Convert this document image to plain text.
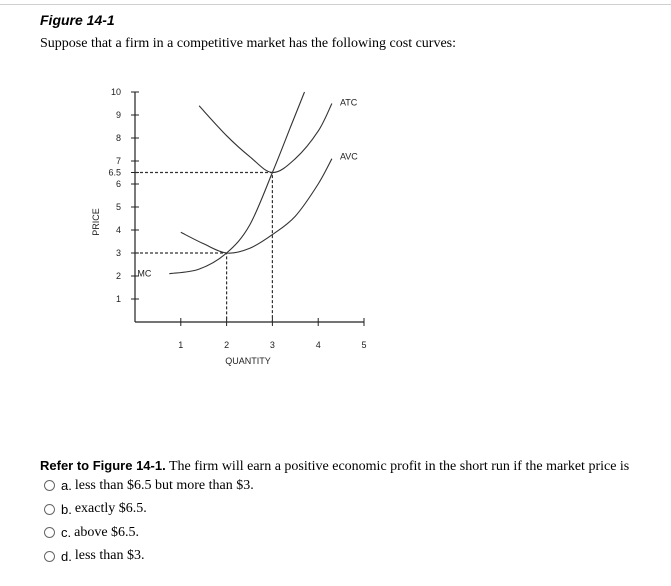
Figure 14-1
Suppose that a firm in a competitive market has the following cost curves:
1
2
3
4
5
6
6.5
7
8
9
10
1	2	3	4	5
MC
ATC
AVC
QUANTITY
PRICE
Refer to Figure 14-1. The firm will earn a positive economic profit in the short run if the market price is
a. less than $6.5 but more than $3.
b. exactly $6.5.
c. above $6.5.
d. less than $3.
